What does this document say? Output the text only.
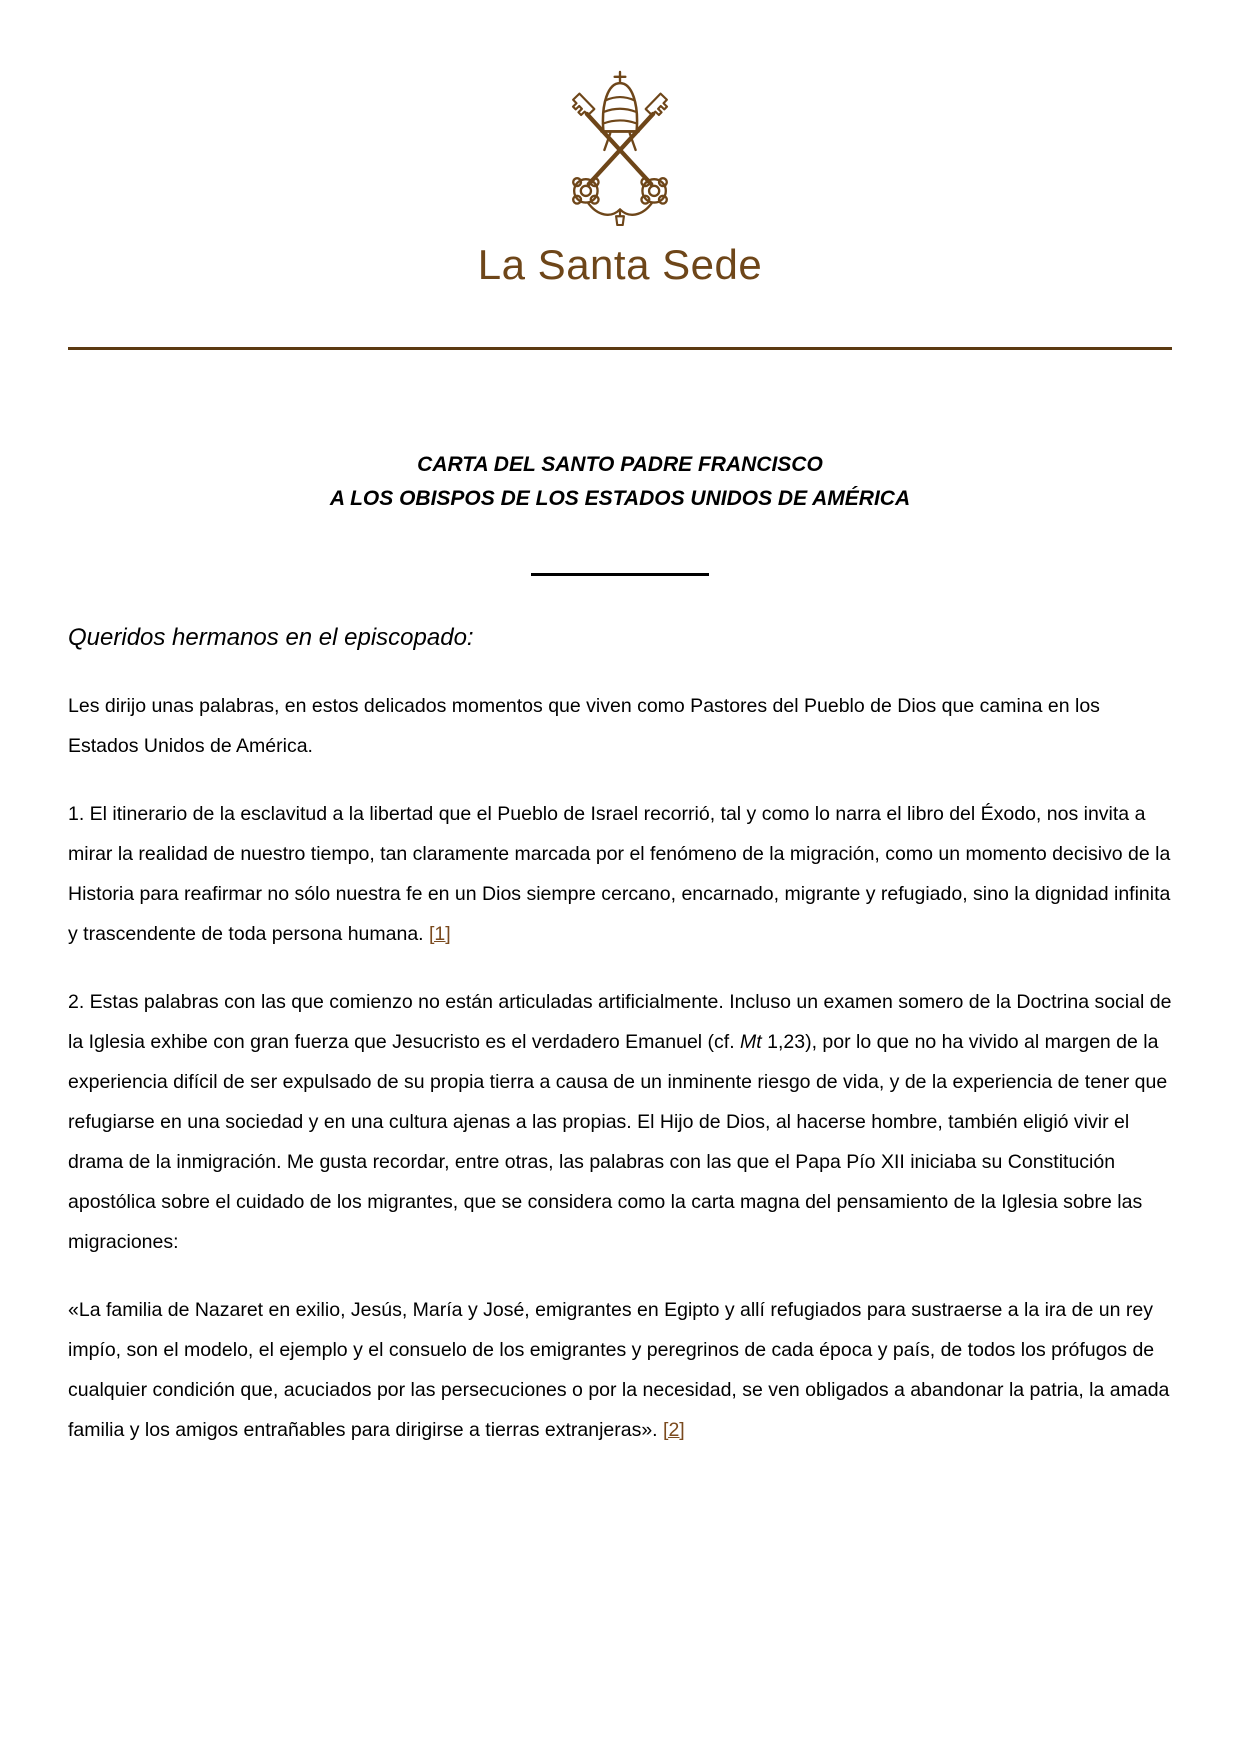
La Santa Sede
CARTA DEL SANTO PADRE FRANCISCO
A LOS OBISPOS DE LOS ESTADOS UNIDOS DE AMÉRICA

Queridos hermanos en el episcopado:

Les dirijo unas palabras, en estos delicados momentos que viven como Pastores del Pueblo de Dios que camina en los Estados Unidos de América.

1. El itinerario de la esclavitud a la libertad que el Pueblo de Israel recorrió, tal y como lo narra el libro del Éxodo, nos invita a mirar la realidad de nuestro tiempo, tan claramente marcada por el fenómeno de la migración, como un momento decisivo de la Historia para reafirmar no sólo nuestra fe en un Dios siempre cercano, encarnado, migrante y refugiado, sino la dignidad infinita y trascendente de toda persona humana. [1]

2. Estas palabras con las que comienzo no están articuladas artificialmente. Incluso un examen somero de la Doctrina social de la Iglesia exhibe con gran fuerza que Jesucristo es el verdadero Emanuel (cf. Mt 1,23), por lo que no ha vivido al margen de la experiencia difícil de ser expulsado de su propia tierra a causa de un inminente riesgo de vida, y de la experiencia de tener que refugiarse en una sociedad y en una cultura ajenas a las propias. El Hijo de Dios, al hacerse hombre, también eligió vivir el drama de la inmigración. Me gusta recordar, entre otras, las palabras con las que el Papa Pío XII iniciaba su Constitución apostólica sobre el cuidado de los migrantes, que se considera como la carta magna del pensamiento de la Iglesia sobre las migraciones:

«La familia de Nazaret en exilio, Jesús, María y José, emigrantes en Egipto y allí refugiados para sustraerse a la ira de un rey impío, son el modelo, el ejemplo y el consuelo de los emigrantes y peregrinos de cada época y país, de todos los prófugos de cualquier condición que, acuciados por las persecuciones o por la necesidad, se ven obligados a abandonar la patria, la amada familia y los amigos entrañables para dirigirse a tierras extranjeras». [2]
